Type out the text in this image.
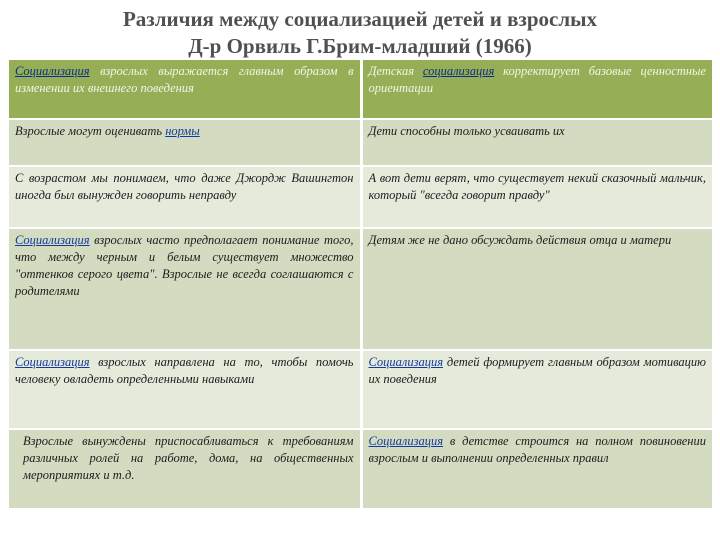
Различия между социализацией детей и взрослых
Д-р Орвиль Г.Брим-младший (1966)
Социализация взрослых выражается главным образом в изменении их внешнего поведения	Детская социализация корректирует базовые ценностные ориентации
Взрослые могут оценивать нормы	Дети способны только усваивать их
С возрастом мы понимаем, что даже Джордж Вашингтон иногда был вынужден говорить неправду	А вот дети верят, что существует некий сказочный мальчик, который "всегда говорит правду"
Социализация взрослых часто предполагает понимание того, что между черным и белым существует множество "оттенков серого цвета". Взрослые не всегда соглашаются с родителями	Детям же не дано обсуждать действия отца и матери
Социализация взрослых направлена на то, чтобы помочь человеку овладеть определенными навыками	Социализация детей формирует главным образом мотивацию их поведения
Взрослые вынуждены приспосабливаться к требованиям различных ролей на работе, дома, на общественных мероприятиях и т.д.	Социализация в детстве строится на полном повиновении взрослым и выполнении определенных правил
